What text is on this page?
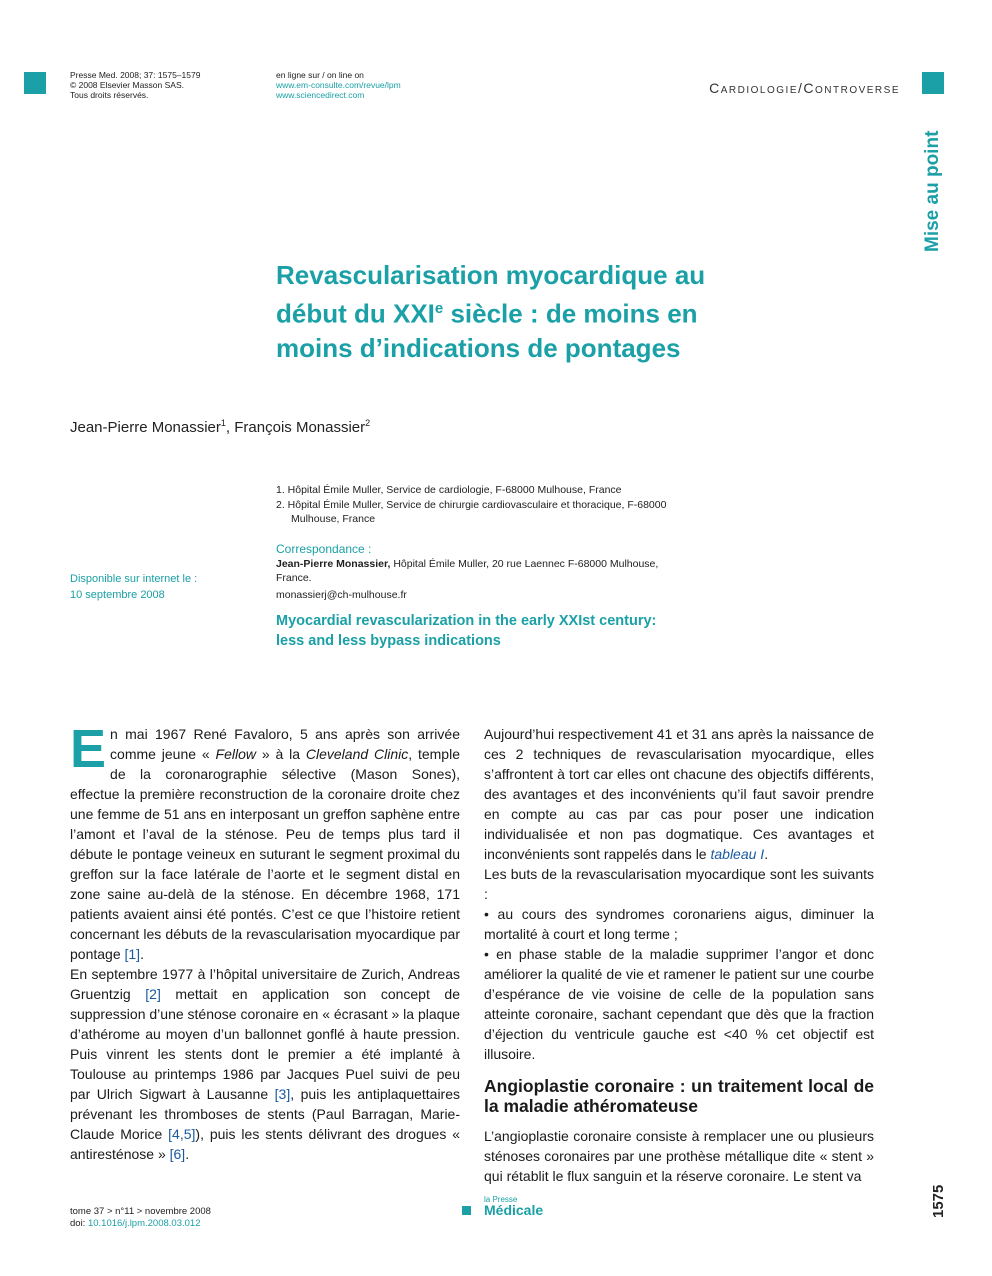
Presse Med. 2008; 37: 1575–1579
© 2008 Elsevier Masson SAS.
Tous droits réservés.
en ligne sur / on line on
www.em-consulte.com/revue/lpm
www.sciencedirect.com	Cardiologie/Controverse
Mise au point
Revascularisation myocardique au
début du XXIe siècle : de moins en
moins d’indications de pontages
Jean-Pierre Monassier$^1$, François Monassier$^2$
1. Hôpital Émile Muller, Service de cardiologie, F-68000 Mulhouse, France
2. Hôpital Émile Muller, Service de chirurgie cardiovasculaire et thoracique, F-68000
Mulhouse, France
Correspondance :
Jean-Pierre Monassier, Hôpital Émile Muller, 20 rue Laennec F-68000 Mulhouse,
France.
monassierj@ch-mulhouse.fr
Disponible sur internet le :
10 septembre 2008
Myocardial revascularization in the early XXIst century:
less and less bypass indications

En mai 1967 René Favaloro, 5 ans après son arrivée comme jeune « Fellow » à la Cleveland Clinic, temple de la coronarographie sélective (Mason Sones), effectue la première reconstruction de la coronaire droite chez une femme de 51 ans en interposant un greffon saphène entre l’amont et l’aval de la sténose. Peu de temps plus tard il débute le pontage veineux en suturant le segment proximal du greffon sur la face latérale de l’aorte et le segment distal en zone saine au-delà de la sténose. En décembre 1968, 171 patients avaient ainsi été pontés. C’est ce que l’histoire retient concernant les débuts de la revascularisation myocardique par pontage [1].

En septembre 1977 à l’hôpital universitaire de Zurich, Andreas Gruentzig [2] mettait en application son concept de suppression d’une sténose coronaire en « écrasant » la plaque d’athérome au moyen d’un ballonnet gonflé à haute pression. Puis vinrent les stents dont le premier a été implanté à Toulouse au printemps 1986 par Jacques Puel suivi de peu par Ulrich Sigwart à Lausanne [3], puis les antiplaquettaires prévenant les thromboses de stents (Paul Barragan, Marie-Claude Morice [4,5]), puis les stents délivrant des drogues « antiresténose » [6].

Aujourd’hui respectivement 41 et 31 ans après la naissance de ces 2 techniques de revascularisation myocardique, elles s’affrontent à tort car elles ont chacune des objectifs différents, des avantages et des inconvénients qu’il faut savoir prendre en compte au cas par cas pour poser une indication individualisée et non pas dogmatique. Ces avantages et inconvénients sont rappelés dans le tableau I.

Les buts de la revascularisation myocardique sont les suivants :

• au cours des syndromes coronariens aigus, diminuer la mortalité à court et long terme ;

• en phase stable de la maladie supprimer l’angor et donc améliorer la qualité de vie et ramener le patient sur une courbe d’espérance de vie voisine de celle de la population sans atteinte coronaire, sachant cependant que dès que la fraction d’éjection du ventricule gauche est <40 % cet objectif est illusoire.

Angioplastie coronaire : un traitement local de la maladie athéromateuse

L’angioplastie coronaire consiste à remplacer une ou plusieurs sténoses coronaires par une prothèse métallique dite « stent » qui rétablit le flux sanguin et la réserve coronaire. Le stent va

tome 37 > n°11 > novembre 2008
doi: 10.1016/j.lpm.2008.03.012
la Presse
Médicale	1575
